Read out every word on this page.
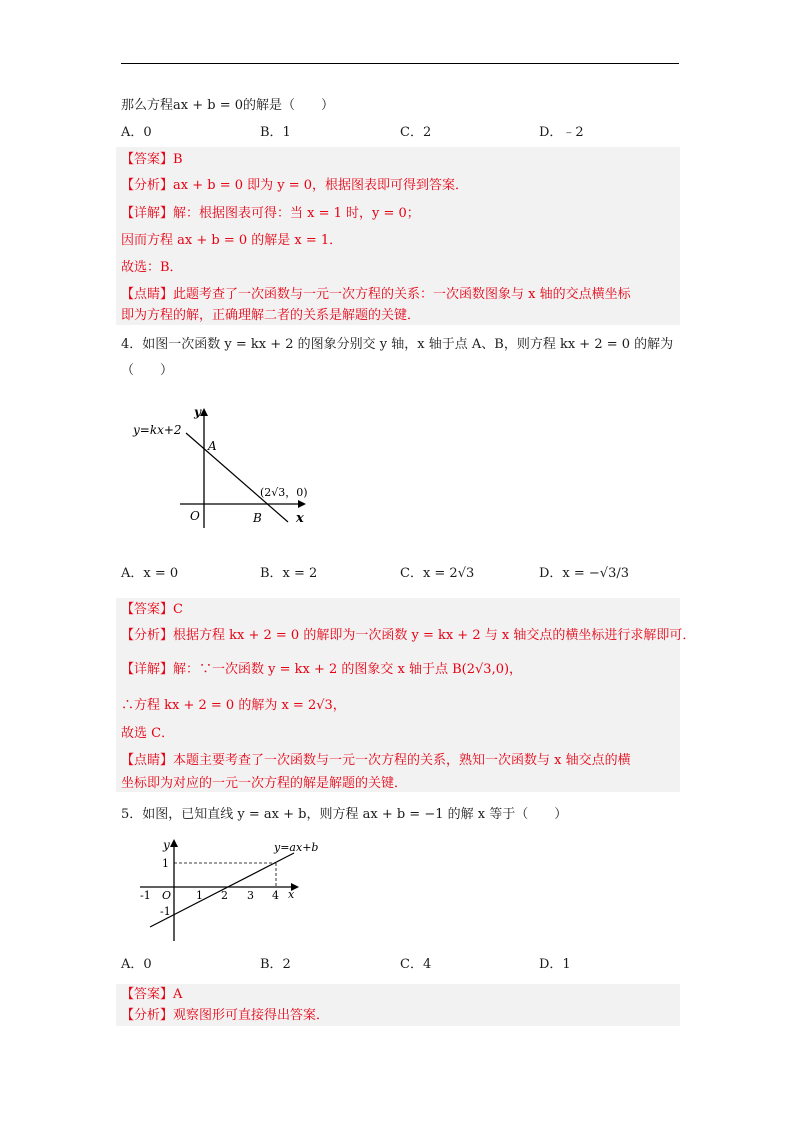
那么方程ax + b = 0的解是（　　）
A．0	B．1	C．2	D．﹣2
【答案】B
【分析】ax + b = 0 即为 y = 0，根据图表即可得到答案．
【详解】解：根据图表可得：当 x = 1 时，y = 0；
因而方程 ax + b = 0 的解是 x = 1．
故选：B．
【点睛】此题考查了一次函数与一元一次方程的关系：一次函数图象与 x 轴的交点横坐标
即为方程的解，正确理解二者的关系是解题的关键．
4．如图一次函数 y = kx + 2 的图象分别交 y 轴，x 轴于点 A、B，则方程 kx + 2 = 0 的解为
（　　）
y=kx+2
y
A
(2√3，0)
O	B	x
A．x = 0	B．x = 2	C．x = 2√3	D．x = −√3/3
【答案】C
【分析】根据方程 kx + 2 = 0 的解即为一次函数 y = kx + 2 与 x 轴交点的横坐标进行求解即可．
【详解】解：∵一次函数 y = kx + 2 的图象交 x 轴于点 B(2√3,0)，
∴方程 kx + 2 = 0 的解为 x = 2√3，
故选 C．
【点睛】本题主要考查了一次函数与一元一次方程的关系，熟知一次函数与 x 轴交点的横
坐标即为对应的一元一次方程的解是解题的关键．
5．如图，已知直线 y = ax + b，则方程 ax + b = −1 的解 x 等于（　　）
y	y=ax+b
1
-1 O 1 2 3 4 x
-1
A．0	B．2	C．4	D．1
【答案】A
【分析】观察图形可直接得出答案．
